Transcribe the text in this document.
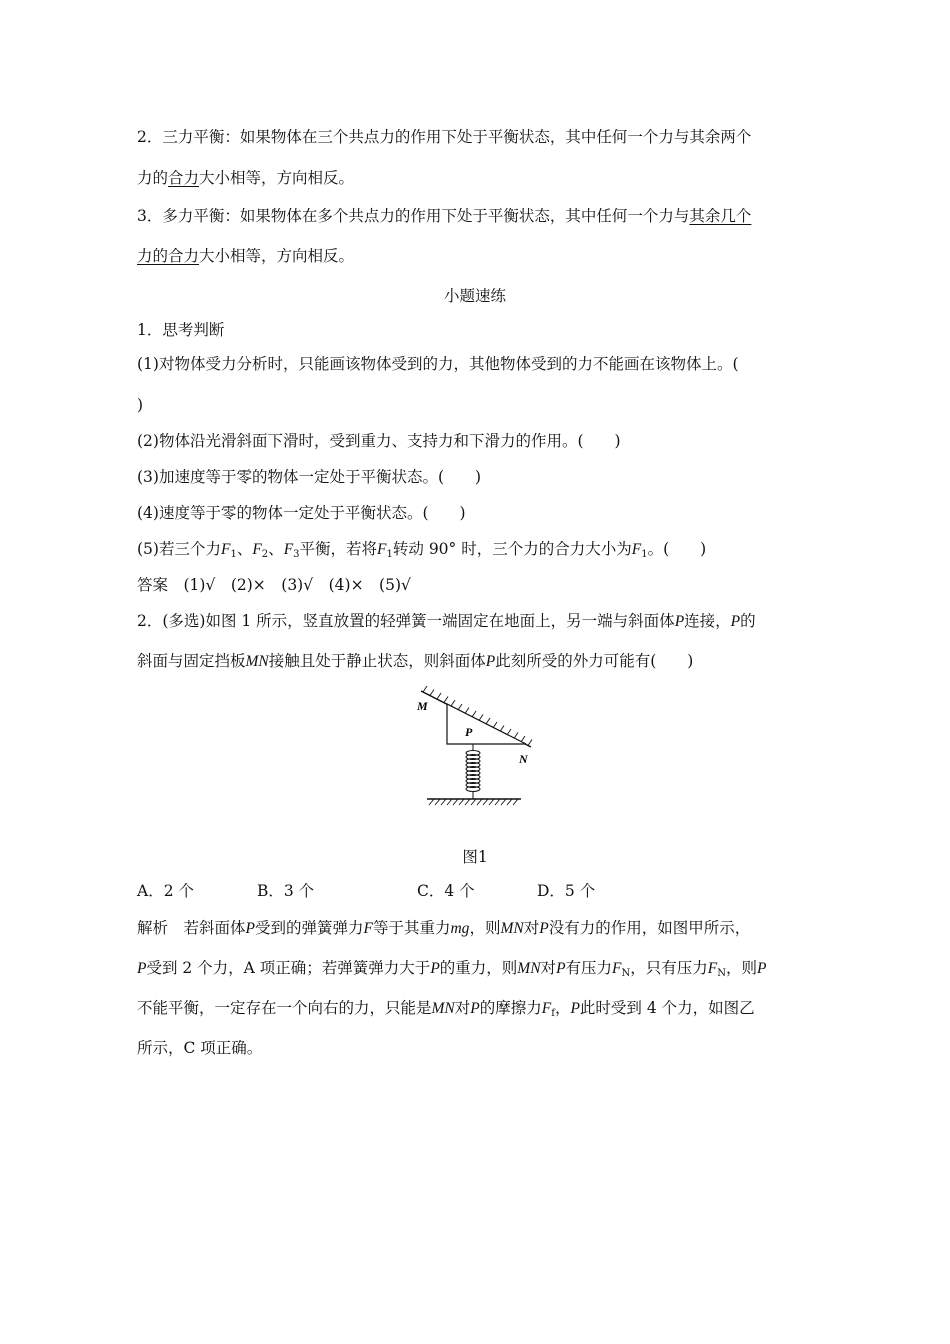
2．三力平衡：如果物体在三个共点力的作用下处于平衡状态，其中任何一个力与其余两个
力的合力大小相等，方向相反。
3．多力平衡：如果物体在多个共点力的作用下处于平衡状态，其中任何一个力与其余几个
力的合力大小相等，方向相反。
小题速练
1．思考判断
(1)对物体受力分析时，只能画该物体受到的力，其他物体受到的力不能画在该物体上。(
)
(2)物体沿光滑斜面下滑时，受到重力、支持力和下滑力的作用。(　　)
(3)加速度等于零的物体一定处于平衡状态。(　　)
(4)速度等于零的物体一定处于平衡状态。(　　)
(5)若三个力$F_1$、$F_2$、$F_3$平衡，若将$F_1$转动 90° 时，三个力的合力大小为$F_1$。(　　)
答案　(1)√　(2)×　(3)√　(4)×　(5)√
2．(多选)如图 1 所示，竖直放置的轻弹簧一端固定在地面上，另一端与斜面体P连接，P的
斜面与固定挡板MN接触且处于静止状态，则斜面体P此刻所受的外力可能有(　　)
M
N
P
图1
A．2 个	B．3 个	C．4 个	D．5 个
解析　若斜面体P受到的弹簧弹力F等于其重力mg，则MN对P没有力的作用，如图甲所示，
P受到 2 个力，A 项正确；若弹簧弹力大于P的重力，则MN对P有压力$F_N$，只有压力$F_N$，则P
不能平衡，一定存在一个向右的力，只能是MN对P的摩擦力$F_f$，P此时受到 4 个力，如图乙
所示，C 项正确。
